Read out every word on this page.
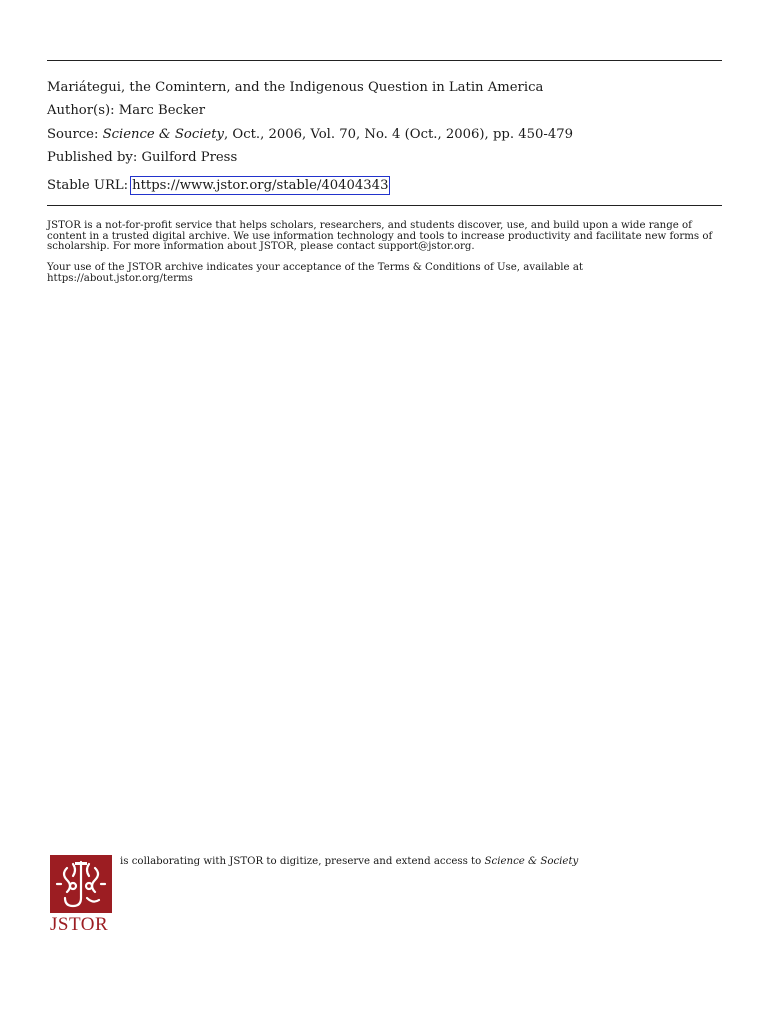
Mariátegui, the Comintern, and the Indigenous Question in Latin America
Author(s): Marc Becker
Source: Science & Society, Oct., 2006, Vol. 70, No. 4 (Oct., 2006), pp. 450-479
Published by: Guilford Press
Stable URL: https://www.jstor.org/stable/40404343

JSTOR is a not-for-profit service that helps scholars, researchers, and students discover, use, and build upon a wide range of content in a trusted digital archive. We use information technology and tools to increase productivity and facilitate new forms of scholarship. For more information about JSTOR, please contact support@jstor.org.

Your use of the JSTOR archive indicates your acceptance of the Terms & Conditions of Use, available at https://about.jstor.org/terms

JSTOR
is collaborating with JSTOR to digitize, preserve and extend access to Science & Society
